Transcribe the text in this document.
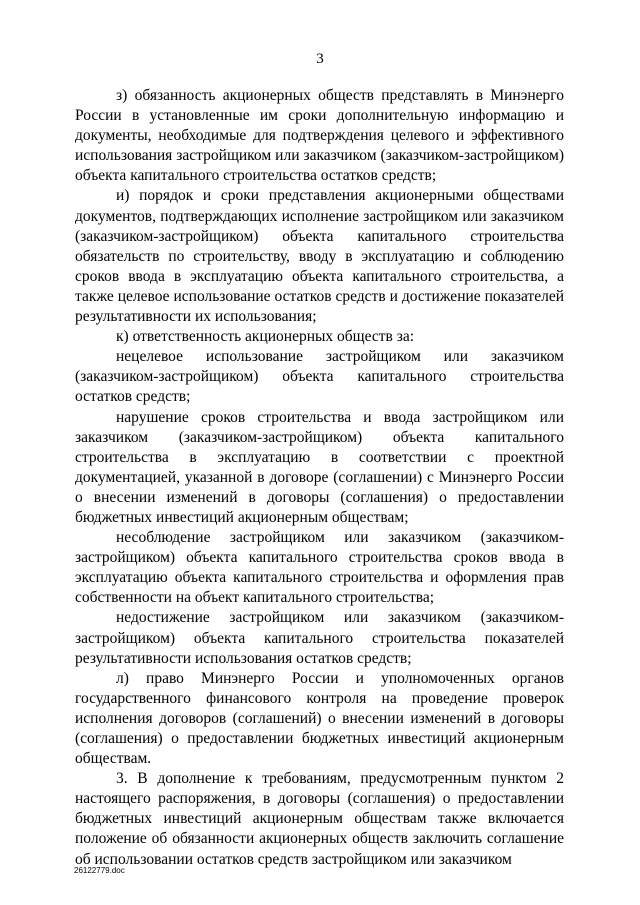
3

з) обязанность акционерных обществ представлять в Минэнерго России в установленные им сроки дополнительную информацию и документы, необходимые для подтверждения целевого и эффективного использования застройщиком или заказчиком (заказчиком-застройщиком) объекта капитального строительства остатков средств;

и) порядок и сроки представления акционерными обществами документов, подтверждающих исполнение застройщиком или заказчиком (заказчиком-застройщиком) объекта капитального строительства обязательств по строительству, вводу в эксплуатацию и соблюдению сроков ввода в эксплуатацию объекта капитального строительства, а также целевое использование остатков средств и достижение показателей результативности их использования;

к) ответственность акционерных обществ за:

нецелевое использование застройщиком или заказчиком (заказчиком-застройщиком) объекта капитального строительства остатков средств;

нарушение сроков строительства и ввода застройщиком или заказчиком (заказчиком-застройщиком) объекта капитального строительства в эксплуатацию в соответствии с проектной документацией, указанной в договоре (соглашении) с Минэнерго России о внесении изменений в договоры (соглашения) о предоставлении бюджетных инвестиций акционерным обществам;

несоблюдение застройщиком или заказчиком (заказчиком-застройщиком) объекта капитального строительства сроков ввода в эксплуатацию объекта капитального строительства и оформления прав собственности на объект капитального строительства;

недостижение застройщиком или заказчиком (заказчиком-застройщиком) объекта капитального строительства показателей результативности использования остатков средств;

л) право Минэнерго России и уполномоченных органов государственного финансового контроля на проведение проверок исполнения договоров (соглашений) о внесении изменений в договоры (соглашения) о предоставлении бюджетных инвестиций акционерным обществам.

3. В дополнение к требованиям, предусмотренным пунктом 2 настоящего распоряжения, в договоры (соглашения) о предоставлении бюджетных инвестиций акционерным обществам также включается положение об обязанности акционерных обществ заключить соглашение об использовании остатков средств застройщиком или заказчиком

26122779.doc
